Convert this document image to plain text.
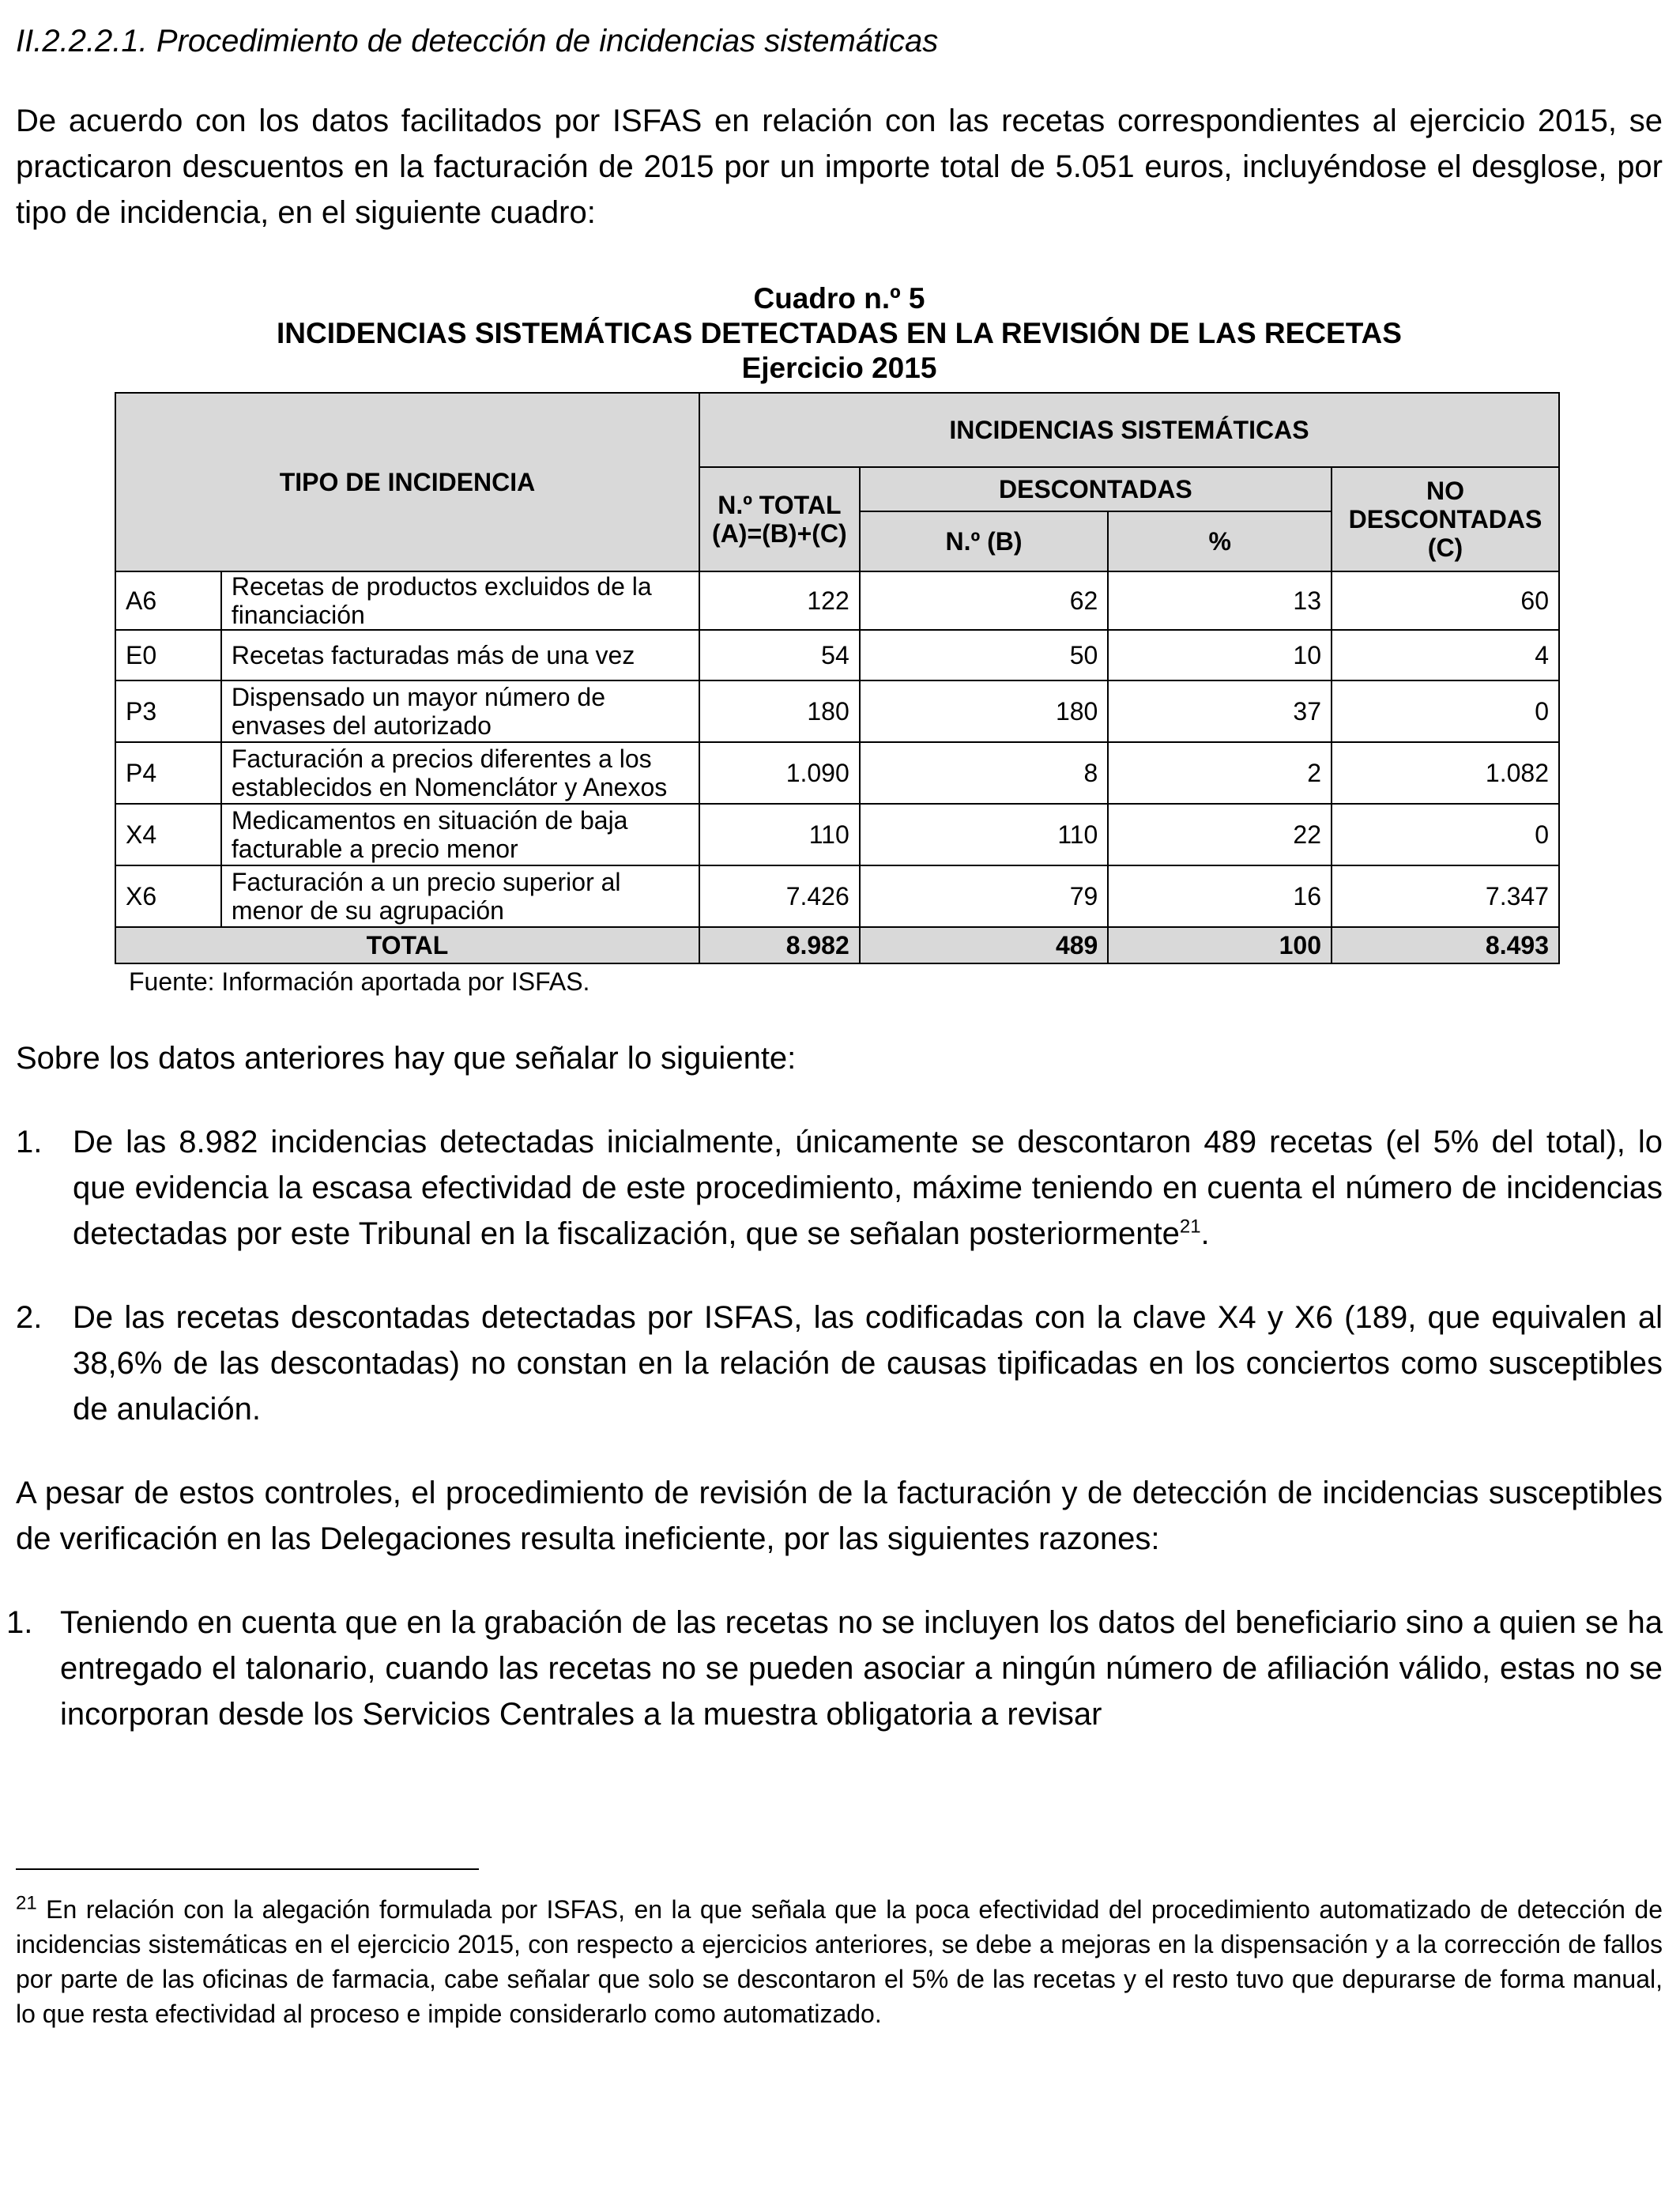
II.2.2.2.1. Procedimiento de detección de incidencias sistemáticas

De acuerdo con los datos facilitados por ISFAS en relación con las recetas correspondientes al ejercicio 2015, se practicaron descuentos en la facturación de 2015 por un importe total de 5.051 euros, incluyéndose el desglose, por tipo de incidencia, en el siguiente cuadro:

Cuadro n.º 5
INCIDENCIAS SISTEMÁTICAS DETECTADAS EN LA REVISIÓN DE LAS RECETAS
Ejercicio 2015
TIPO DE INCIDENCIA		INCIDENCIAS SISTEMÁTICAS			
		N.º TOTAL (A)=(B)+(C)	DESCONTADAS		NO DESCONTADAS (C)
			N.º (B)	%	
A6	Recetas de productos excluidos de la financiación	122	62	13	60
E0	Recetas facturadas más de una vez	54	50	10	4
P3	Dispensado un mayor número de envases del autorizado	180	180	37	0
P4	Facturación a precios diferentes a los establecidos en Nomenclátor y Anexos	1.090	8	2	1.082
X4	Medicamentos en situación de baja facturable a precio menor	110	110	22	0
X6	Facturación a un precio superior al menor de su agrupación	7.426	79	16	7.347
TOTAL		8.982	489	100	8.493
Fuente: Información aportada por ISFAS.
Sobre los datos anteriores hay que señalar lo siguiente:
1. De las 8.982 incidencias detectadas inicialmente, únicamente se descontaron 489 recetas (el 5% del total), lo que evidencia la escasa efectividad de este procedimiento, máxime teniendo en cuenta el número de incidencias detectadas por este Tribunal en la fiscalización, que se señalan posteriormente$^{21}$.
2. De las recetas descontadas detectadas por ISFAS, las codificadas con la clave X4 y X6 (189, que equivalen al 38,6% de las descontadas) no constan en la relación de causas tipificadas en los conciertos como susceptibles de anulación.

A pesar de estos controles, el procedimiento de revisión de la facturación y de detección de incidencias susceptibles de verificación en las Delegaciones resulta ineficiente, por las siguientes razones:

1. Teniendo en cuenta que en la grabación de las recetas no se incluyen los datos del beneficiario sino a quien se ha entregado el talonario, cuando las recetas no se pueden asociar a ningún número de afiliación válido, estas no se incorporan desde los Servicios Centrales a la muestra obligatoria a revisar
$^{21}$ En relación con la alegación formulada por ISFAS, en la que señala que la poca efectividad del procedimiento automatizado de detección de incidencias sistemáticas en el ejercicio 2015, con respecto a ejercicios anteriores, se debe a mejoras en la dispensación y a la corrección de fallos por parte de las oficinas de farmacia, cabe señalar que solo se descontaron el 5% de las recetas y el resto tuvo que depurarse de forma manual, lo que resta efectividad al proceso e impide considerarlo como automatizado.
